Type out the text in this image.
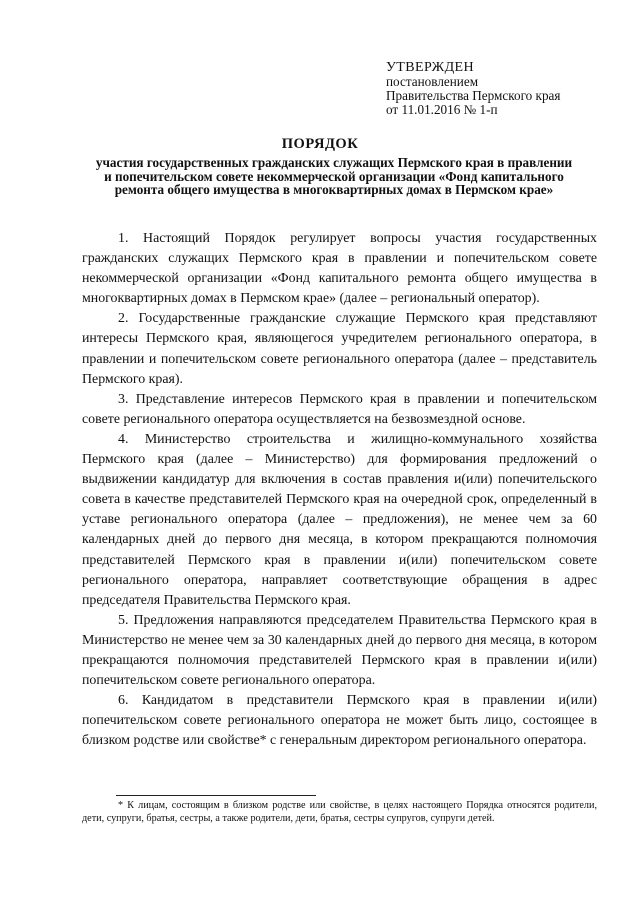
УТВЕРЖДЕН
постановлением
Правительства Пермского края
от 11.01.2016 № 1-п
ПОРЯДОК
участия государственных гражданских служащих Пермского края в правлении и попечительском совете некоммерческой организации «Фонд капитального ремонта общего имущества в многоквартирных домах в Пермском крае»

1. Настоящий Порядок регулирует вопросы участия государственных гражданских служащих Пермского края в правлении и попечительском совете некоммерческой организации «Фонд капитального ремонта общего имущества в многоквартирных домах в Пермском крае» (далее – региональный оператор).

2. Государственные гражданские служащие Пермского края представляют интересы Пермского края, являющегося учредителем регионального оператора, в правлении и попечительском совете регионального оператора (далее – представитель Пермского края).

3. Представление интересов Пермского края в правлении и попечительском совете регионального оператора осуществляется на безвозмездной основе.

4. Министерство строительства и жилищно-коммунального хозяйства Пермского края (далее – Министерство) для формирования предложений о выдвижении кандидатур для включения в состав правления и(или) попечительского совета в качестве представителей Пермского края на очередной срок, определенный в уставе регионального оператора (далее – предложения), не менее чем за 60 календарных дней до первого дня месяца, в котором прекращаются полномочия представителей Пермского края в правлении и(или) попечительском совете регионального оператора, направляет соответствующие обращения в адрес председателя Правительства Пермского края.

5. Предложения направляются председателем Правительства Пермского края в Министерство не менее чем за 30 календарных дней до первого дня месяца, в котором прекращаются полномочия представителей Пермского края в правлении и(или) попечительском совете регионального оператора.

6. Кандидатом в представители Пермского края в правлении и(или) попечительском совете регионального оператора не может быть лицо, состоящее в близком родстве или свойстве* с генеральным директором регионального оператора.

* К лицам, состоящим в близком родстве или свойстве, в целях настоящего Порядка относятся родители, дети, супруги, братья, сестры, а также родители, дети, братья, сестры супругов, супруги детей.
